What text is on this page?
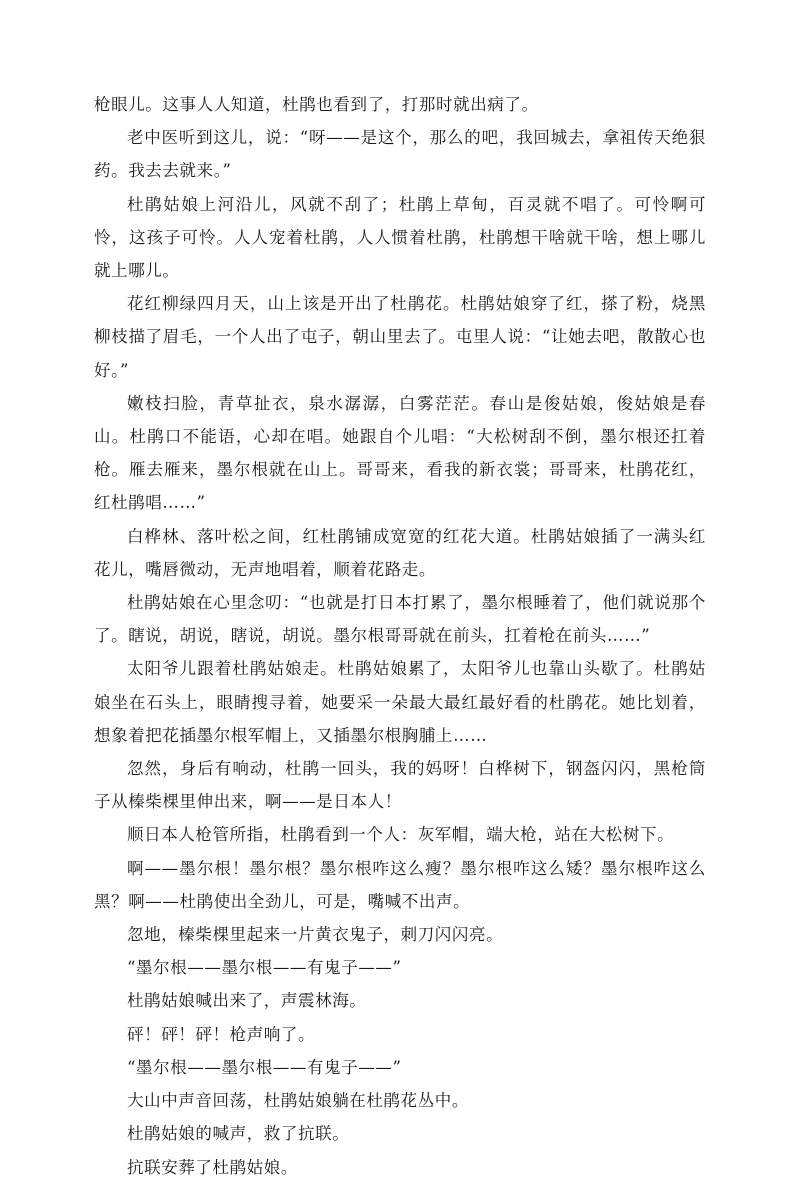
枪眼儿。这事人人知道，杜鹃也看到了，打那时就出病了。

老中医听到这儿，说：“呀——是这个，那么的吧，我回城去，拿祖传天绝狠药。我去去就来。”

杜鹃姑娘上河沿儿，风就不刮了；杜鹃上草甸，百灵就不唱了。可怜啊可怜，这孩子可怜。人人宠着杜鹃，人人惯着杜鹃，杜鹃想干啥就干啥，想上哪儿就上哪儿。

花红柳绿四月天，山上该是开出了杜鹃花。杜鹃姑娘穿了红，搽了粉，烧黑柳枝描了眉毛，一个人出了屯子，朝山里去了。屯里人说：“让她去吧，散散心也好。”

嫩枝扫脸，青草扯衣，泉水潺潺，白雾茫茫。春山是俊姑娘，俊姑娘是春山。杜鹃口不能语，心却在唱。她跟自个儿唱：“大松树刮不倒，墨尔根还扛着枪。雁去雁来，墨尔根就在山上。哥哥来，看我的新衣裳；哥哥来，杜鹃花红，红杜鹃唱……”

白桦林、落叶松之间，红杜鹃铺成宽宽的红花大道。杜鹃姑娘插了一满头红花儿，嘴唇微动，无声地唱着，顺着花路走。

杜鹃姑娘在心里念叨：“也就是打日本打累了，墨尔根睡着了，他们就说那个了。瞎说，胡说，瞎说，胡说。墨尔根哥哥就在前头，扛着枪在前头……”

太阳爷儿跟着杜鹃姑娘走。杜鹃姑娘累了，太阳爷儿也靠山头歇了。杜鹃姑娘坐在石头上，眼睛搜寻着，她要采一朵最大最红最好看的杜鹃花。她比划着，想象着把花插墨尔根军帽上，又插墨尔根胸脯上……

忽然，身后有响动，杜鹃一回头，我的妈呀！白桦树下，钢盔闪闪，黑枪筒子从榛柴棵里伸出来，啊——是日本人！

顺日本人枪管所指，杜鹃看到一个人：灰军帽，端大枪，站在大松树下。

啊——墨尔根！墨尔根？墨尔根咋这么瘦？墨尔根咋这么矮？墨尔根咋这么黑？啊——杜鹃使出全劲儿，可是，嘴喊不出声。

忽地，榛柴棵里起来一片黄衣鬼子，刺刀闪闪亮。

“墨尔根——墨尔根——有鬼子——”

杜鹃姑娘喊出来了，声震林海。

砰！砰！砰！枪声响了。

“墨尔根——墨尔根——有鬼子——”

大山中声音回荡，杜鹃姑娘躺在杜鹃花丛中。

杜鹃姑娘的喊声，救了抗联。

抗联安葬了杜鹃姑娘。
